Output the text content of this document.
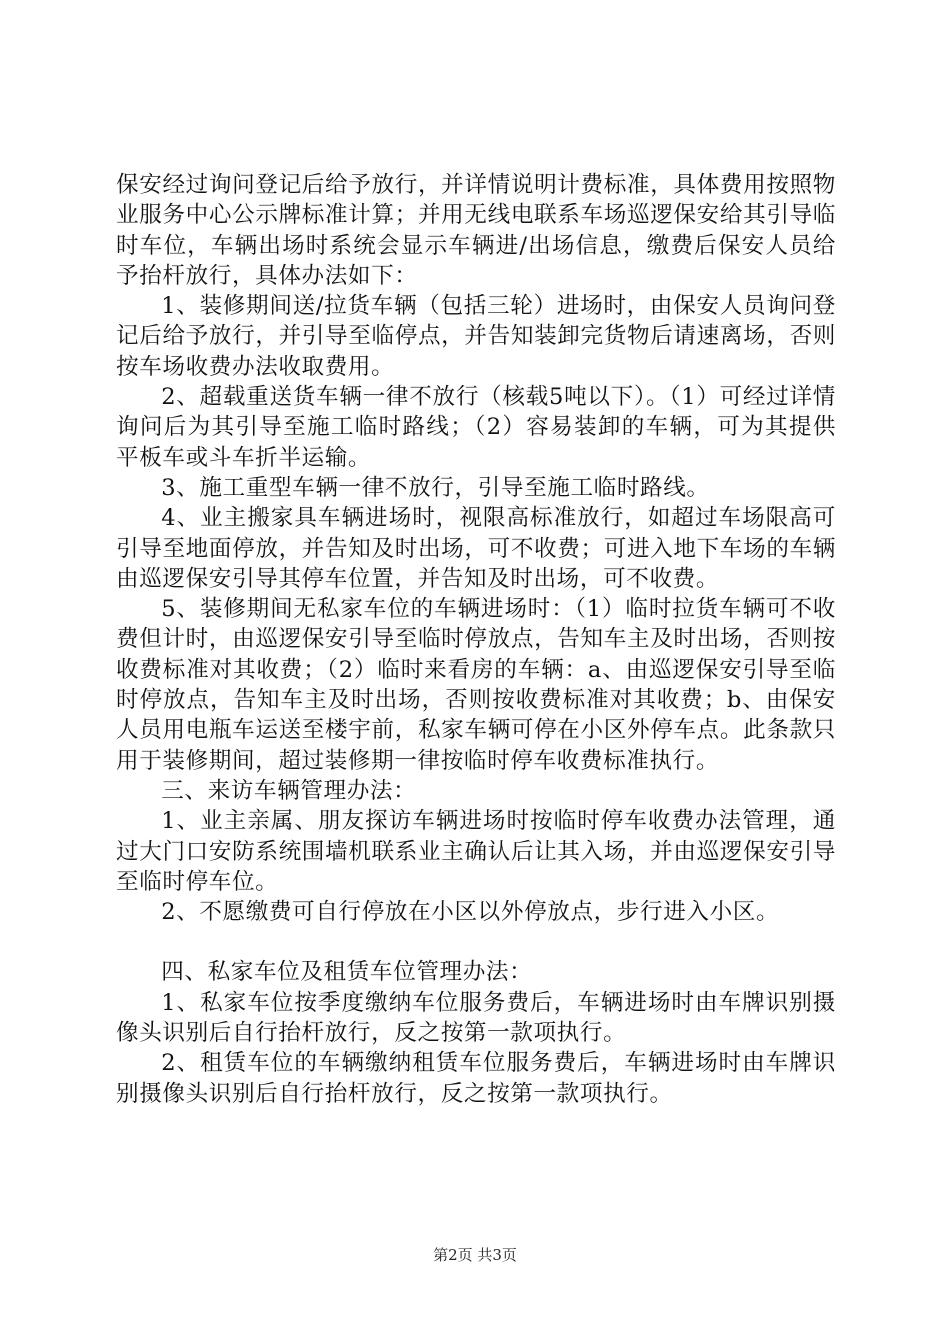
保安经过询问登记后给予放行，并详情说明计费标准，具体费用按照物业服务中心公示牌标准计算；并用无线电联系车场巡逻保安给其引导临时车位，车辆出场时系统会显示车辆进/出场信息，缴费后保安人员给予抬杆放行，具体办法如下：

1、装修期间送/拉货车辆（包括三轮）进场时，由保安人员询问登记后给予放行，并引导至临停点，并告知装卸完货物后请速离场，否则按车场收费办法收取费用。

2、超载重送货车辆一律不放行（核载5吨以下）。（1）可经过详情询问后为其引导至施工临时路线；（2）容易装卸的车辆，可为其提供平板车或斗车折半运输。

3、施工重型车辆一律不放行，引导至施工临时路线。

4、业主搬家具车辆进场时，视限高标准放行，如超过车场限高可引导至地面停放，并告知及时出场，可不收费；可进入地下车场的车辆由巡逻保安引导其停车位置，并告知及时出场，可不收费。

5、装修期间无私家车位的车辆进场时：（1）临时拉货车辆可不收费但计时，由巡逻保安引导至临时停放点，告知车主及时出场，否则按收费标准对其收费；（2）临时来看房的车辆：a、由巡逻保安引导至临时停放点，告知车主及时出场，否则按收费标准对其收费；b、由保安人员用电瓶车运送至楼宇前，私家车辆可停在小区外停车点。此条款只用于装修期间，超过装修期一律按临时停车收费标准执行。

三、来访车辆管理办法：

1、业主亲属、朋友探访车辆进场时按临时停车收费办法管理，通过大门口安防系统围墙机联系业主确认后让其入场，并由巡逻保安引导至临时停车位。

2、不愿缴费可自行停放在小区以外停放点，步行进入小区。

四、私家车位及租赁车位管理办法：

1、私家车位按季度缴纳车位服务费后，车辆进场时由车牌识别摄像头识别后自行抬杆放行，反之按第一款项执行。

2、租赁车位的车辆缴纳租赁车位服务费后，车辆进场时由车牌识别摄像头识别后自行抬杆放行，反之按第一款项执行。

第2页 共3页
